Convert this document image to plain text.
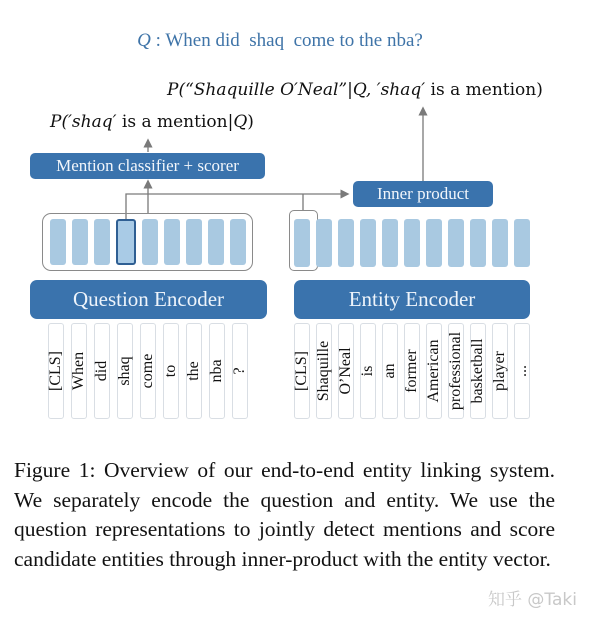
Q : When did  shaq  come to the nba?
P(“Shaquille O′Neal”|Q, ′shaq′ is a mention)
P(′shaq′ is a mention|Q)
Mention classifier + scorer
Inner product
Question Encoder	Entity Encoder
[CLS] When did shaq come to the nba ?	[CLS] Shaquille O’Neal is an former American professional basketball player ...
Figure 1: Overview of our end-to-end entity linking system. We separately encode the question and entity. We use the question representations to jointly detect mentions and score candidate entities through inner-product with the entity vector.
知乎 @Taki
